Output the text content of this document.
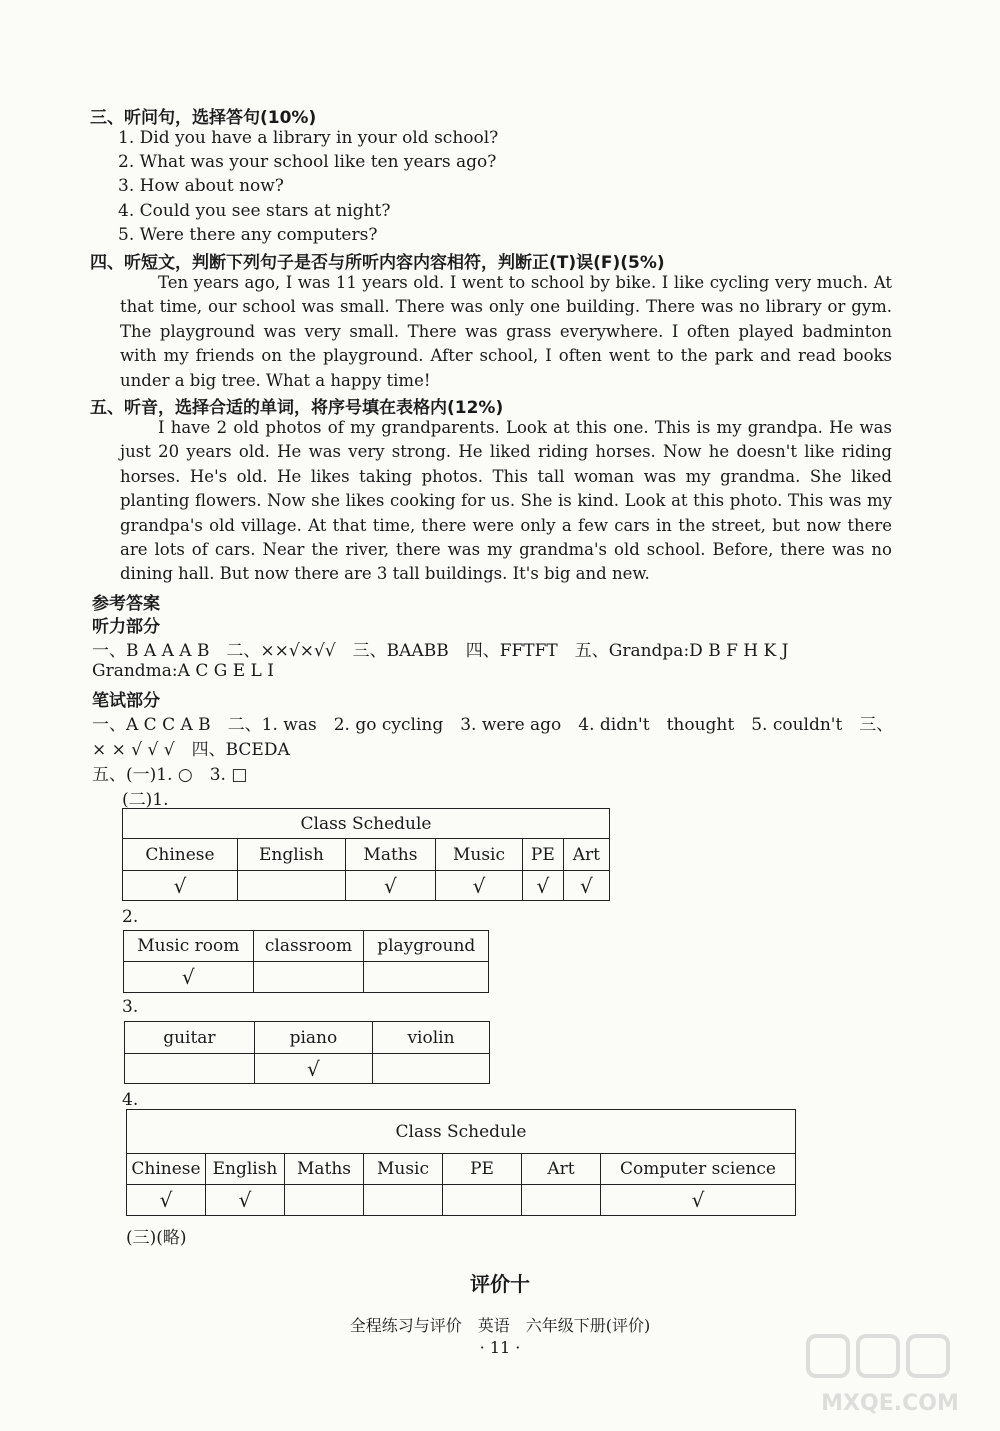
三、听问句，选择答句(10%)
1. Did you have a library in your old school?
2. What was your school like ten years ago?
3. How about now?
4. Could you see stars at night?
5. Were there any computers?
四、听短文，判断下列句子是否与所听内容内容相符，判断正(T)误(F)(5%)

Ten years ago, I was 11 years old. I went to school by bike. I like cycling very much. At that time, our school was small. There was only one building. There was no library or gym. The playground was very small. There was grass everywhere. I often played badminton with my friends on the playground. After school, I often went to the park and read books under a big tree. What a happy time!

五、听音，选择合适的单词，将序号填在表格内(12%)

I have 2 old photos of my grandparents. Look at this one. This is my grandpa. He was just 20 years old. He was very strong. He liked riding horses. Now he doesn't like riding horses. He's old. He likes taking photos. This tall woman was my grandma. She liked planting flowers. Now she likes cooking for us. She is kind. Look at this photo. This was my grandpa's old village. At that time, there were only a few cars in the street, but now there are lots of cars. Near the river, there was my grandma's old school. Before, there was no dining hall. But now there are 3 tall buildings. It's big and new.

参考答案
听力部分
一、B A A A B　二、××√×√√　三、BAABB　四、FFTFT　五、Grandpa:D B F H K J
Grandma:A C G E L I
笔试部分
一、A C C A B　二、1. was　2. go cycling　3. were ago　4. didn't　thought　5. couldn't　三、
× × √ √ √　四、BCEDA
五、(一)1. ○　3. □
(二)1.
Class Schedule					
Chinese	English	Maths	Music	PE	Art
√		√	√	√	√
2.
Music room	classroom	playground
√		
3.
guitar	piano	violin
	√	
4.
Class Schedule						
Chinese	English	Maths	Music	PE	Art	Computer science
√	√					√
(三)(略)
评价十
全程练习与评价　英语　六年级下册(评价)
· 11 ·
MXQE.COM
